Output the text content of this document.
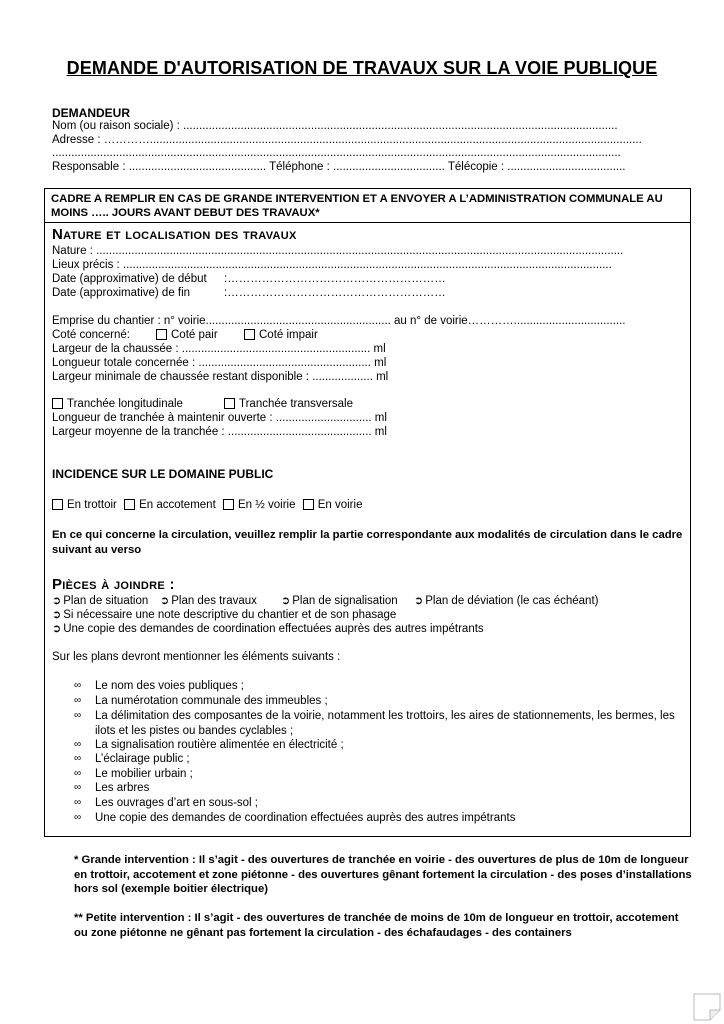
DEMANDE D'AUTORISATION DE TRAVAUX SUR LA VOIE PUBLIQUE
DEMANDEUR
Nom (ou raison sociale) : ........................................................................................................................................
Adresse : …………..........................................................................................................................................................
..................................................................................................................................................................................
Responsable : ........................................... Téléphone : ................................... Télécopie : .....................................
CADRE A REMPLIR EN CAS DE GRANDE INTERVENTION ET A ENVOYER A L’ADMINISTRATION COMMUNALE AU MOINS ….. JOURS AVANT DEBUT DES TRAVAUX*
Nature et localisation des travaux
Nature : .....................................................................................................................................................................
Lieux précis : .........................................................................................................................................................
Date (approximative) de début :…………………………………………………
Date (approximative) de fin	:…………………………………………………
Emprise du chantier : n° voirie.......................................................... au n° de voirie…………...................................
Coté concerné:	Coté pair	Coté impair
Largeur de la chaussée : ........................................................... ml
Longueur totale concernée : ...................................................... ml
Largeur minimale de chaussée restant disponible : ................... ml
Tranchée longitudinale	Tranchée transversale
Longueur de tranchée à maintenir ouverte : .............................. ml
Largeur moyenne de la tranchée : ............................................. ml
INCIDENCE SUR LE DOMAINE PUBLIC
En trottoir En accotement En ½ voirie En voirie
En ce qui concerne la circulation, veuillez remplir la partie correspondante aux modalités de circulation dans le cadre suivant au verso
Pièces à joindre :
➲ Plan de situation ➲ Plan des travaux ➲ Plan de signalisation ➲ Plan de déviation (le cas échéant)
➲ Si nécessaire une note descriptive du chantier et de son phasage
➲ Une copie des demandes de coordination effectuées auprès des autres impétrants
Sur les plans devront mentionner les éléments suivants :
∞ Le nom des voies publiques ;
∞ La numérotation communale des immeubles ;
∞ La délimitation des composantes de la voirie, notamment les trottoirs, les aires de stationnements, les bermes, les ilots et les pistes ou bandes cyclables ;
∞ La signalisation routière alimentée en électricité ;
∞ L’éclairage public ;
∞ Le mobilier urbain ;
∞ Les arbres
∞ Les ouvrages d’art en sous-sol ;
∞ Une copie des demandes de coordination effectuées auprès des autres impétrants
* Grande intervention : Il s’agit - des ouvertures de tranchée en voirie - des ouvertures de plus de 10m de longueur en trottoir, accotement et zone piétonne - des ouvertures gênant fortement la circulation - des poses d’installations hors sol (exemple boitier électrique)
** Petite intervention : Il s’agit - des ouvertures de tranchée de moins de 10m de longueur en trottoir, accotement ou zone piétonne ne gênant pas fortement la circulation - des échafaudages - des containers
